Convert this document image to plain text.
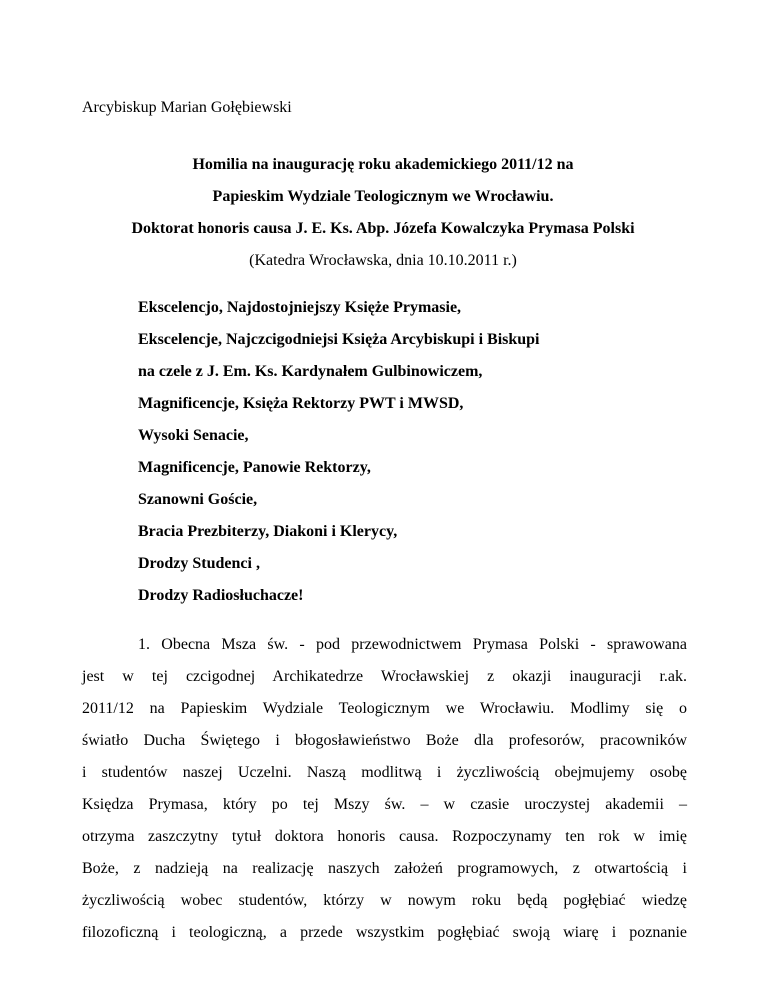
Arcybiskup Marian Gołębiewski
Homilia na inaugurację roku akademickiego 2011/12 na
Papieskim Wydziale Teologicznym we Wrocławiu.
Doktorat honoris causa J. E. Ks. Abp. Józefa Kowalczyka Prymasa Polski
(Katedra Wrocławska, dnia 10.10.2011 r.)
Ekscelencjo, Najdostojniejszy Księże Prymasie,
Ekscelencje, Najczcigodniejsi Księża Arcybiskupi i Biskupi
na czele z J. Em. Ks. Kardynałem Gulbinowiczem,
Magnificencje, Księża Rektorzy PWT i MWSD,
Wysoki Senacie,
Magnificencje, Panowie Rektorzy,
Szanowni Goście,
Bracia Prezbiterzy, Diakoni i Klerycy,
Drodzy Studenci ,
Drodzy Radiosłuchacze!
1. Obecna Msza św. - pod przewodnictwem Prymasa Polski - sprawowana
jest w tej czcigodnej Archikatedrze Wrocławskiej z okazji inauguracji r.ak.
2011/12 na Papieskim Wydziale Teologicznym we Wrocławiu. Modlimy się o
światło Ducha Świętego i błogosławieństwo Boże dla profesorów, pracowników
i studentów naszej Uczelni. Naszą modlitwą i życzliwością obejmujemy osobę
Księdza Prymasa, który po tej Mszy św. – w czasie uroczystej akademii –
otrzyma zaszczytny tytuł doktora honoris causa. Rozpoczynamy ten rok w imię
Boże, z nadzieją na realizację naszych założeń programowych, z otwartością i
życzliwością wobec studentów, którzy w nowym roku będą pogłębiać wiedzę
filozoficzną i teologiczną, a przede wszystkim pogłębiać swoją wiarę i poznanie
